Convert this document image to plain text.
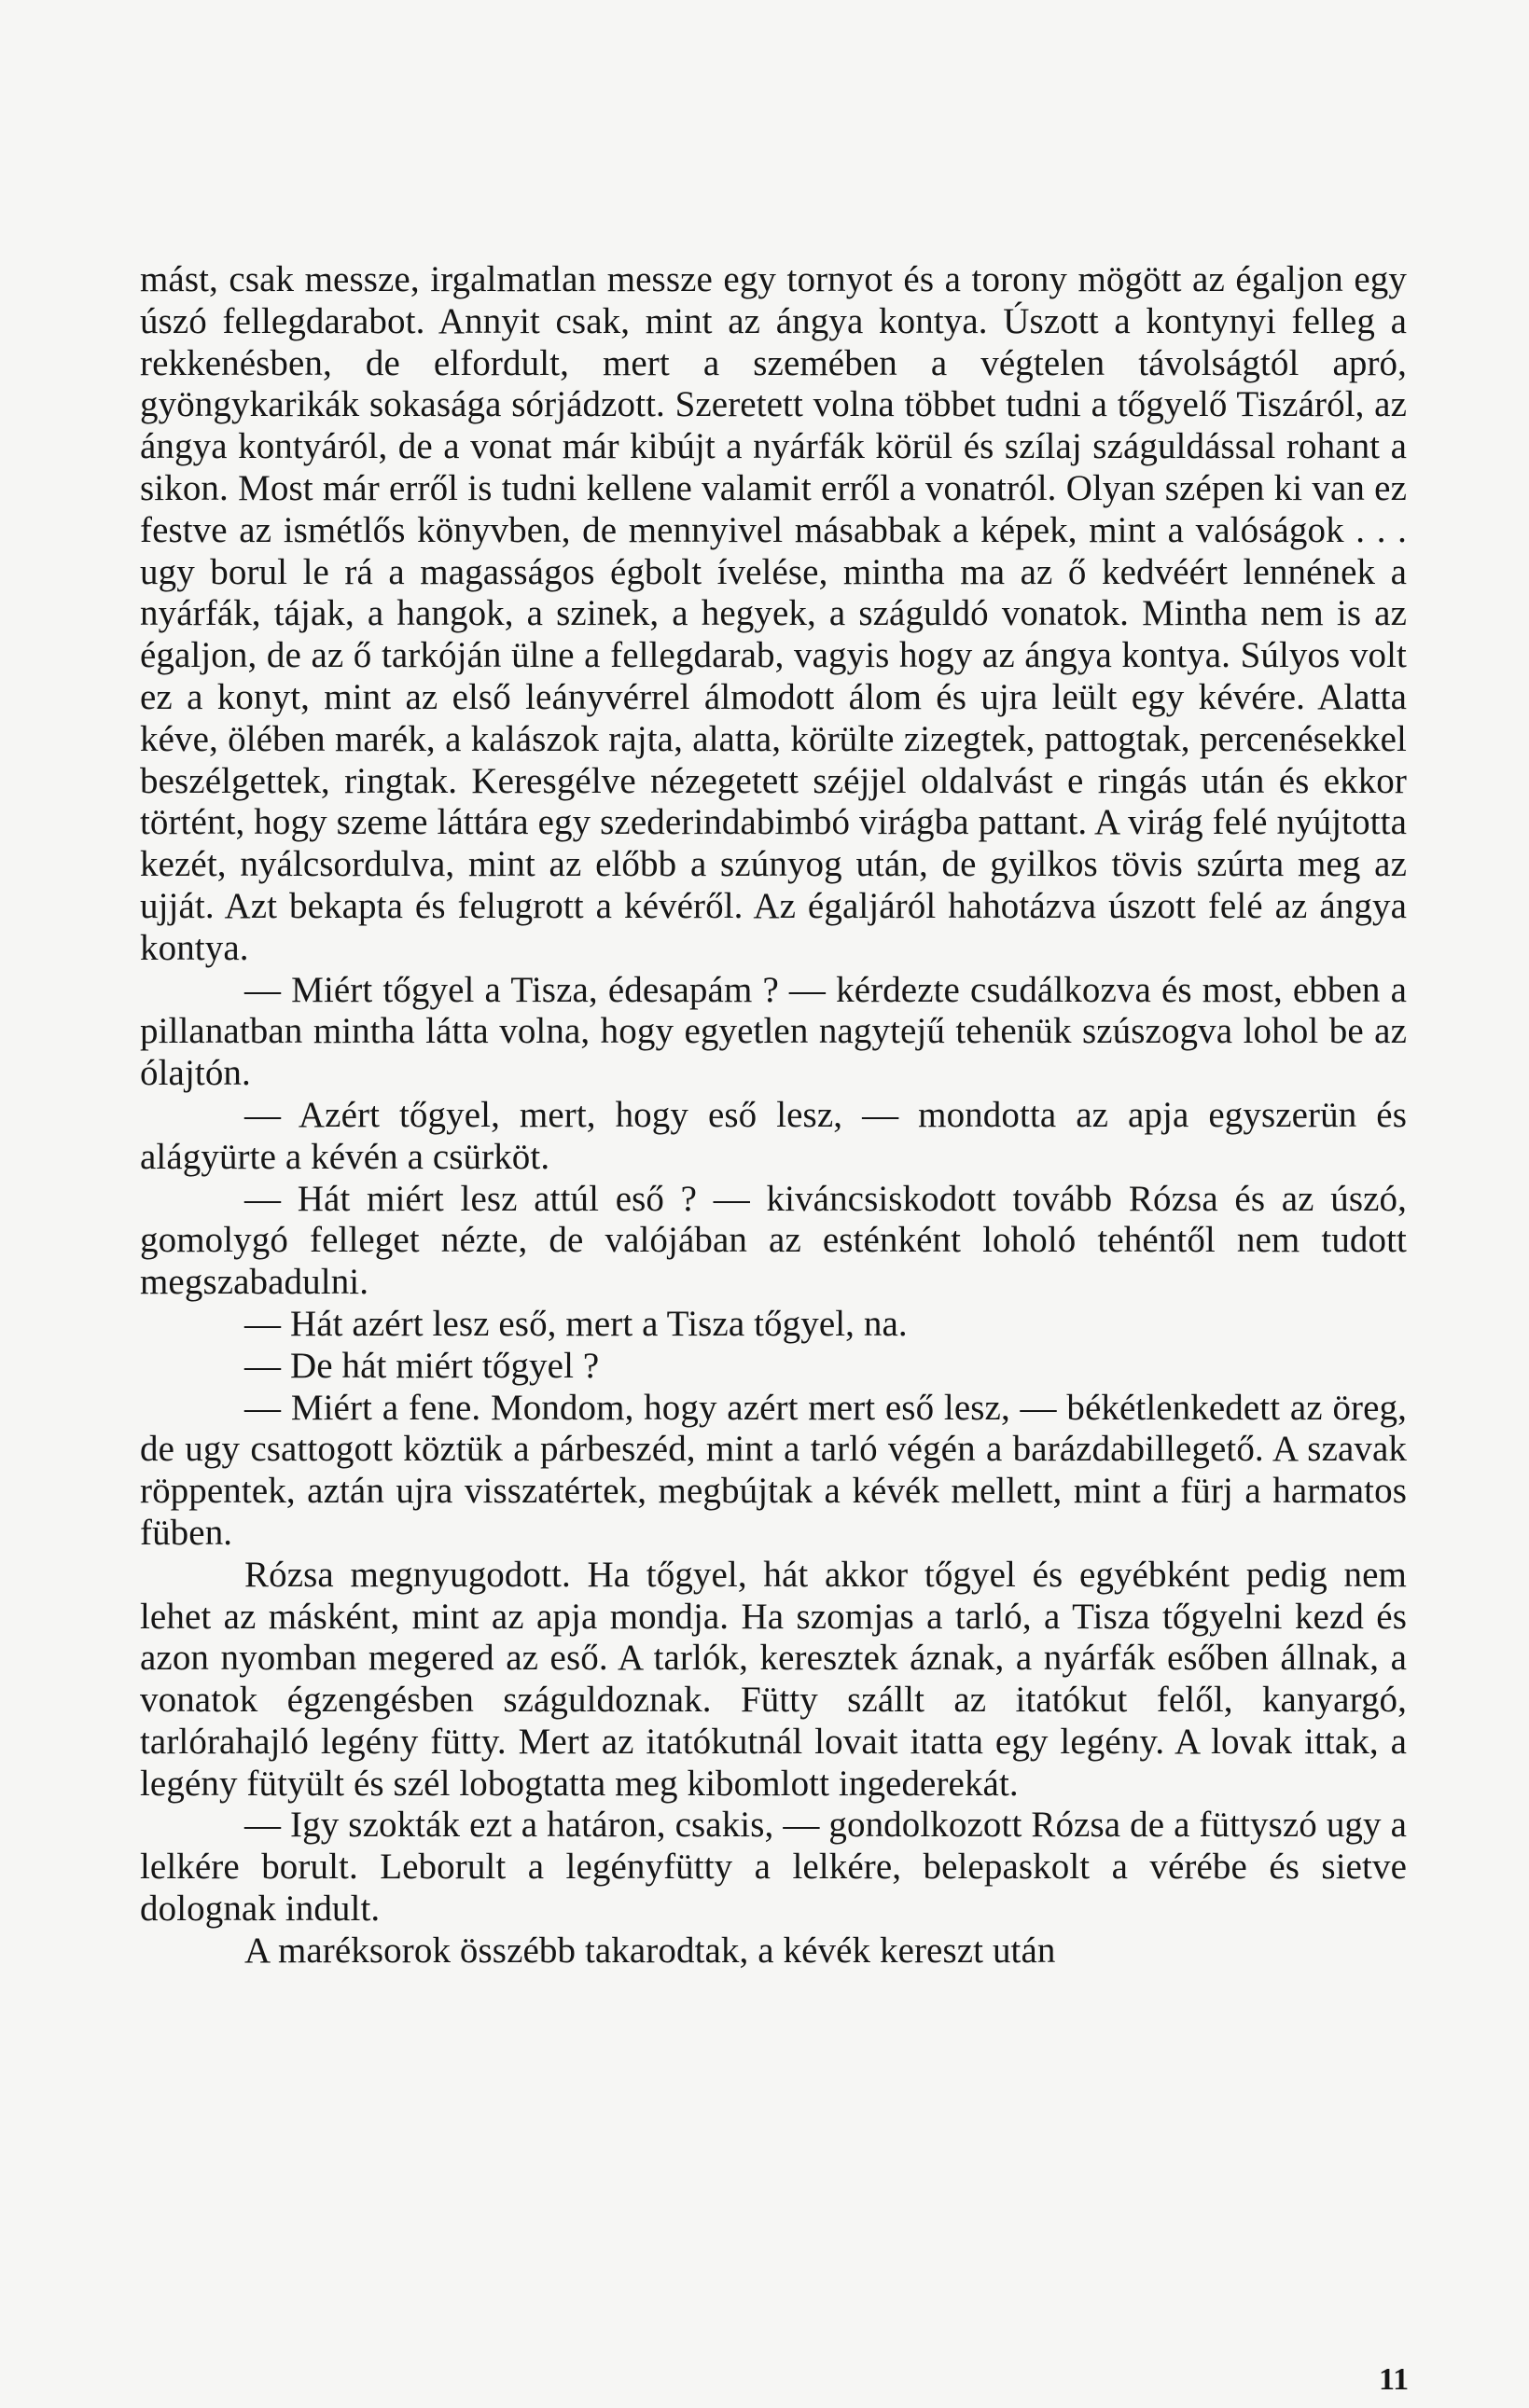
mást, csak messze, irgalmatlan messze egy tornyot és a torony mögött az égaljon egy úszó fellegdarabot. Annyit csak, mint az ángya kontya. Úszott a kontynyi felleg a rekkenésben, de elfordult, mert a szemében a végtelen távolságtól apró, gyöngykarikák sokasága sórjádzott. Szeretett volna többet tudni a tőgyelő Tiszáról, az ángya kontyáról, de a vonat már kibújt a nyárfák körül és szílaj száguldással rohant a sikon. Most már erről is tudni kellene valamit erről a vonatról. Olyan szépen ki van ez festve az ismétlős könyvben, de mennyivel másabbak a képek, mint a valóságok . . . ugy borul le rá a magasságos égbolt ívelése, mintha ma az ő kedvéért lennének a nyárfák, tájak, a hangok, a szinek, a hegyek, a száguldó vonatok. Mintha nem is az égaljon, de az ő tarkóján ülne a fellegdarab, vagyis hogy az ángya kontya. Súlyos volt ez a konyt, mint az első leányvérrel álmodott álom és ujra leült egy kévére. Alatta kéve, ölében marék, a kalászok rajta, alatta, körülte zizegtek, pattogtak, percenésekkel beszélgettek, ringtak. Keresgélve nézegetett széjjel oldalvást e ringás után és ekkor történt, hogy szeme láttára egy szederindabimbó virágba pattant. A virág felé nyújtotta kezét, nyálcsordulva, mint az előbb a szúnyog után, de gyilkos tövis szúrta meg az ujját. Azt bekapta és felugrott a kévéről. Az égaljáról hahotázva úszott felé az ángya kontya.

— Miért tőgyel a Tisza, édesapám ? — kérdezte csudálkozva és most, ebben a pillanatban mintha látta volna, hogy egyetlen nagytejű tehenük szúszogva lohol be az ólajtón.

— Azért tőgyel, mert, hogy eső lesz, — mondotta az apja egyszerün és alágyürte a kévén a csürköt.

— Hát miért lesz attúl eső ? — kiváncsiskodott tovább Rózsa és az úszó, gomolygó felleget nézte, de valójában az esténként loholó tehéntől nem tudott megszabadulni.

— Hát azért lesz eső, mert a Tisza tőgyel, na.

— De hát miért tőgyel ?

— Miért a fene. Mondom, hogy azért mert eső lesz, — békétlenkedett az öreg, de ugy csattogott köztük a párbeszéd, mint a tarló végén a barázdabillegető. A szavak röppentek, aztán ujra visszatértek, megbújtak a kévék mellett, mint a fürj a harmatos füben.

Rózsa megnyugodott. Ha tőgyel, hát akkor tőgyel és egyébként pedig nem lehet az másként, mint az apja mondja. Ha szomjas a tarló, a Tisza tőgyelni kezd és azon nyomban megered az eső. A tarlók, keresztek áznak, a nyárfák esőben állnak, a vonatok égzengésben száguldoznak. Fütty szállt az itatókut felől, kanyargó, tarlórahajló legény fütty. Mert az itatókutnál lovait itatta egy legény. A lovak ittak, a legény fütyült és szél lobogtatta meg kibomlott ingederekát.

— Igy szokták ezt a határon, csakis, — gondolkozott Rózsa de a füttyszó ugy a lelkére borult. Leborult a legényfütty a lelkére, belepaskolt a vérébe és sietve dolognak indult.

A maréksorok összébb takarodtak, a kévék kereszt után

11
